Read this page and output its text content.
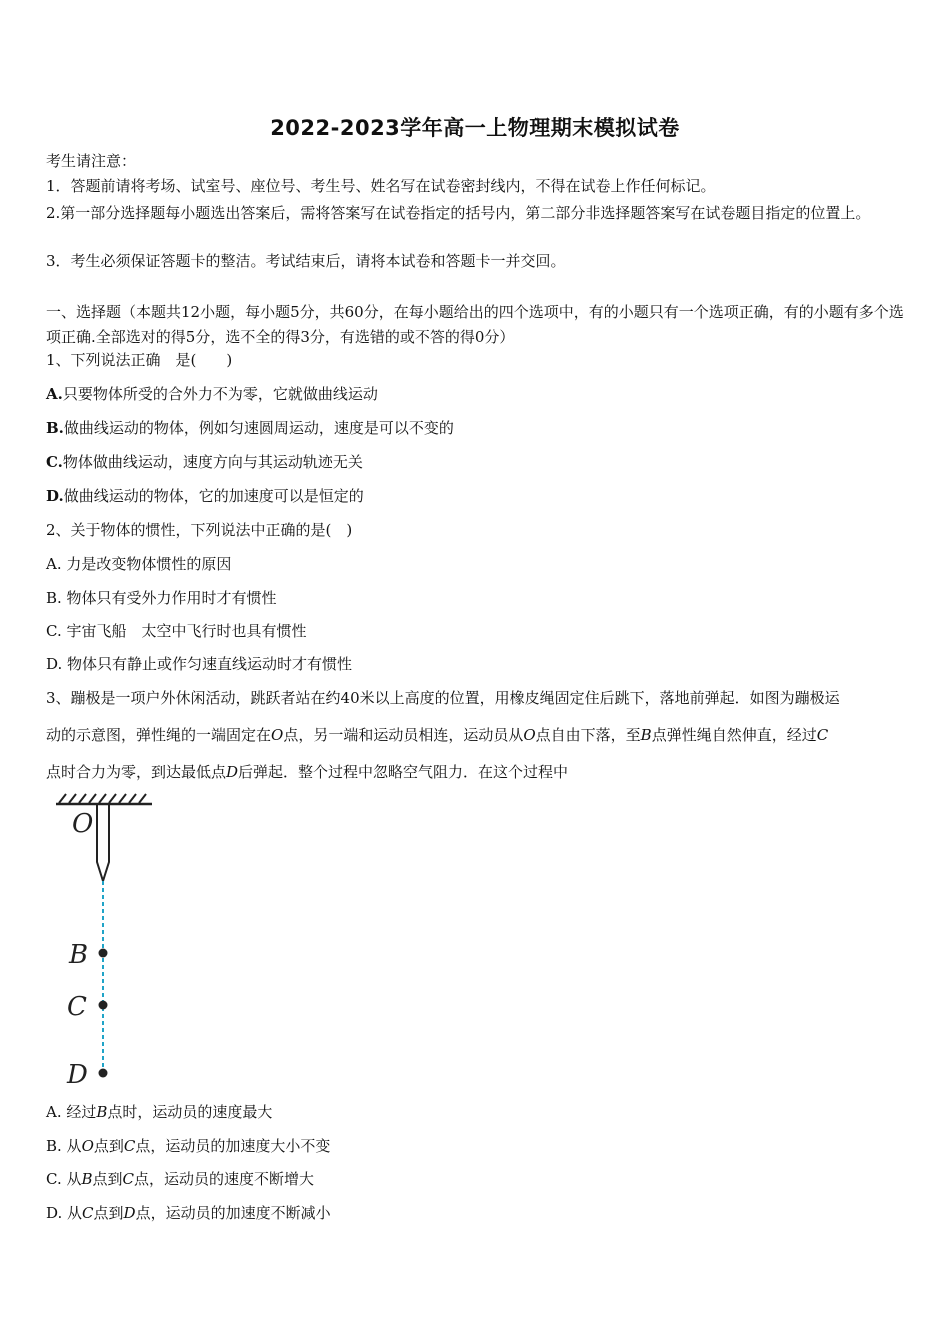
2022-2023学年高一上物理期末模拟试卷
考生请注意：
1．答题前请将考场、试室号、座位号、考生号、姓名写在试卷密封线内，不得在试卷上作任何标记。
2.第一部分选择题每小题选出答案后，需将答案写在试卷指定的括号内，第二部分非选择题答案写在试卷题目指定的位置上。
3．考生必须保证答题卡的整洁。考试结束后，请将本试卷和答题卡一并交回。
一、选择题（本题共12小题，每小题5分，共60分，在每小题给出的四个选项中，有的小题只有一个选项正确，有的小题有多个选项正确.全部选对的得5分，选不全的得3分，有选错的或不答的得0分）
1、下列说法正确　是(　　)
A.只要物体所受的合外力不为零，它就做曲线运动
B.做曲线运动的物体，例如匀速圆周运动，速度是可以不变的
C.物体做曲线运动，速度方向与其运动轨迹无关
D.做曲线运动的物体，它的加速度可以是恒定的
2、关于物体的惯性，下列说法中正确的是(　)
A. 力是改变物体惯性的原因
B. 物体只有受外力作用时才有惯性
C. 宇宙飞船　太空中飞行时也具有惯性
D. 物体只有静止或作匀速直线运动时才有惯性
3、蹦极是一项户外休闲活动，跳跃者站在约40米以上高度的位置，用橡皮绳固定住后跳下，落地前弹起．如图为蹦极运
动的示意图，弹性绳的一端固定在O点，另一端和运动员相连，运动员从O点自由下落，至B点弹性绳自然伸直，经过C
点时合力为零，到达最低点D后弹起．整个过程中忽略空气阻力．在这个过程中
O
B
C
D
A. 经过B点时，运动员的速度最大
B. 从O点到C点，运动员的加速度大小不变
C. 从B点到C点，运动员的速度不断增大
D. 从C点到D点，运动员的加速度不断减小
